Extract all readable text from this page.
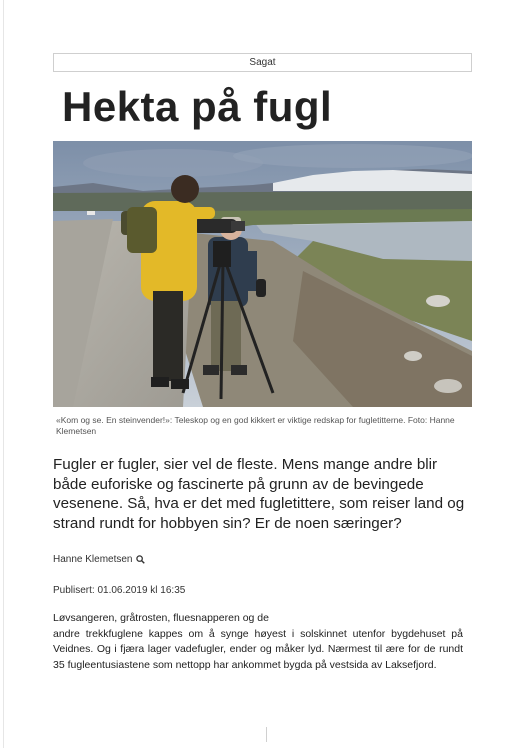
Sagat
Hekta på fugl
«Kom og se. En steinvender!»: Teleskop og en god kikkert er viktige redskap for fugletitterne. Foto: Hanne Klemetsen

Fugler er fugler, sier vel de fleste. Mens mange andre blir både euforiske og fascinerte på grunn av de bevingede vesenene. Så, hva er det med fugletittere, som reiser land og strand rundt for hobbyen sin? Er de noen særinger?

Hanne Klemetsen
Publisert: 01.06.2019 kl 16:35

Løvsangeren, gråtrosten, fluesnapperen og de
andre trekkfuglene kappes om å synge høyest i solskinnet utenfor bygdehuset på Veidnes. Og i fjæra lager vadefugler, ender og måker lyd. Nærmest til ære for de rundt 35 fugleentusiastene som nettopp har ankommet bygda på vestsida av Laksefjord.
